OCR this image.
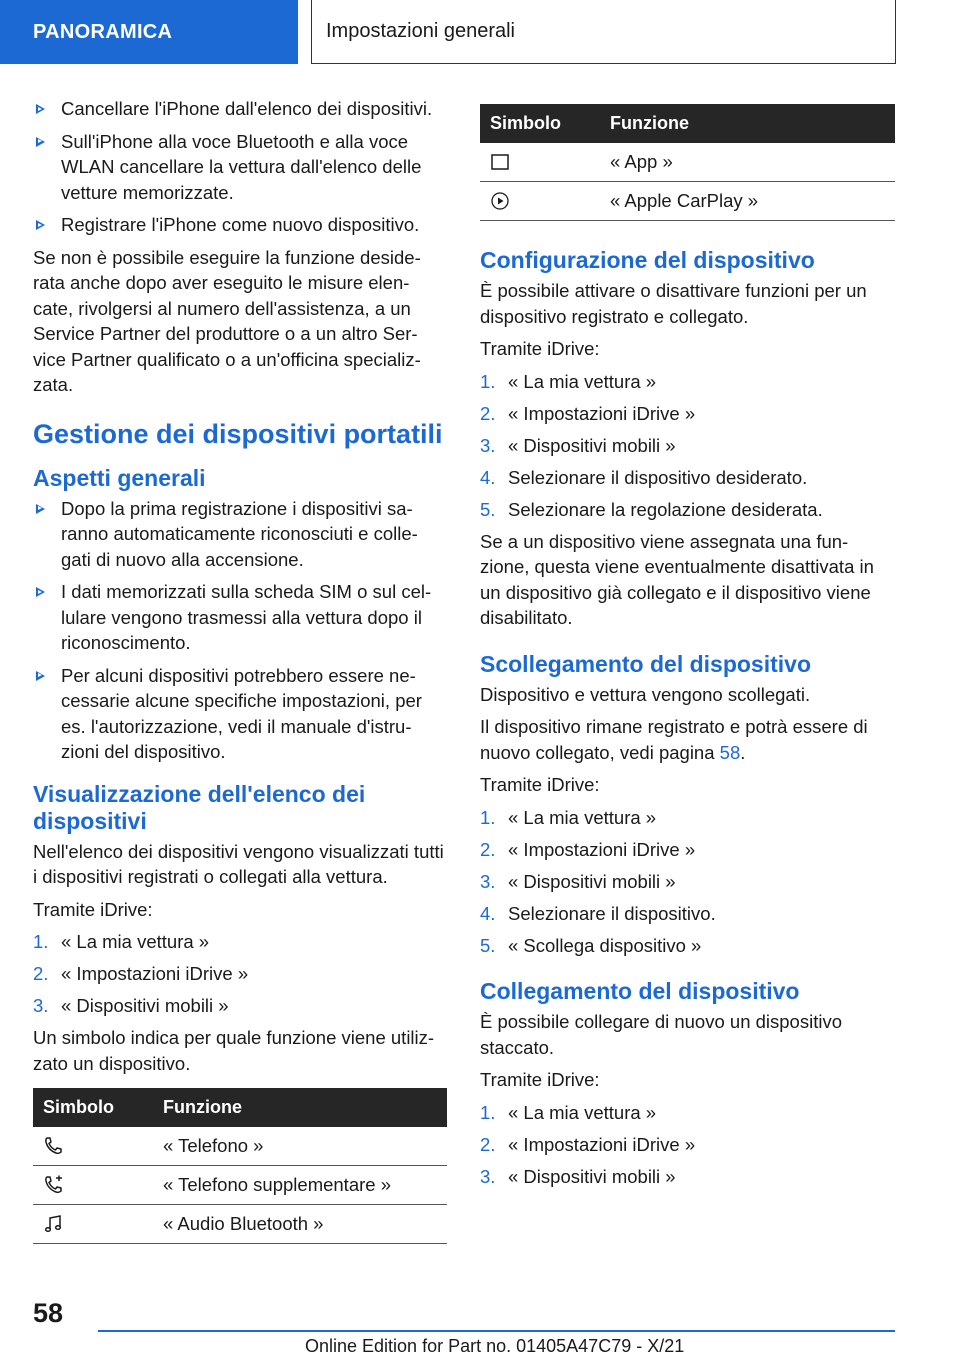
PANORAMICA	Impostazioni generali
Cancellare l'iPhone dall'elenco dei dispositivi.
Sull'iPhone alla voce Bluetooth e alla voce WLAN cancellare la vettura dall'elenco delle vetture memorizzate.
Registrare l'iPhone come nuovo dispositivo.

Se non è possibile eseguire la funzione deside-rata anche dopo aver eseguito le misure elen-cate, rivolgersi al numero dell'assistenza, a un Service Partner del produttore o a un altro Ser-vice Partner qualificato o a un'officina specializ-zata.

Gestione dei dispositivi portatili
Aspetti generali
Dopo la prima registrazione i dispositivi sa-ranno automaticamente riconosciuti e colle-gati di nuovo alla accensione.
I dati memorizzati sulla scheda SIM o sul cel-lulare vengono trasmessi alla vettura dopo il riconoscimento.
Per alcuni dispositivi potrebbero essere ne-cessarie alcune specifiche impostazioni, per es. l'autorizzazione, vedi il manuale d'istru-zioni del dispositivo.
Visualizzazione dell'elenco dei dispositivi

Nell'elenco dei dispositivi vengono visualizzati tutti i dispositivi registrati o collegati alla vettura.

Tramite iDrive:

1. « La mia vettura »
2. « Impostazioni iDrive »
3. « Dispositivi mobili »

Un simbolo indica per quale funzione viene utiliz-zato un dispositivo.

Simbolo	Funzione

	« Telefono »

	« Telefono supplementare »

	« Audio Bluetooth »
Simbolo	Funzione

	« App »

	« Apple CarPlay »
Configurazione del dispositivo

È possibile attivare o disattivare funzioni per un dispositivo registrato e collegato.

Tramite iDrive:

1. « La mia vettura »
2. « Impostazioni iDrive »
3. « Dispositivi mobili »
4. Selezionare il dispositivo desiderato.
5. Selezionare la regolazione desiderata.

Se a un dispositivo viene assegnata una fun-zione, questa viene eventualmente disattivata in un dispositivo già collegato e il dispositivo viene disabilitato.

Scollegamento del dispositivo

Dispositivo e vettura vengono scollegati.

Il dispositivo rimane registrato e potrà essere di nuovo collegato, vedi pagina 58.

Tramite iDrive:

1. « La mia vettura »
2. « Impostazioni iDrive »
3. « Dispositivi mobili »
4. Selezionare il dispositivo.
5. « Scollega dispositivo »
Collegamento del dispositivo

È possibile collegare di nuovo un dispositivo staccato.

Tramite iDrive:

1. « La mia vettura »
2. « Impostazioni iDrive »
3. « Dispositivi mobili »
58
Online Edition for Part no. 01405A47C79 - X/21
